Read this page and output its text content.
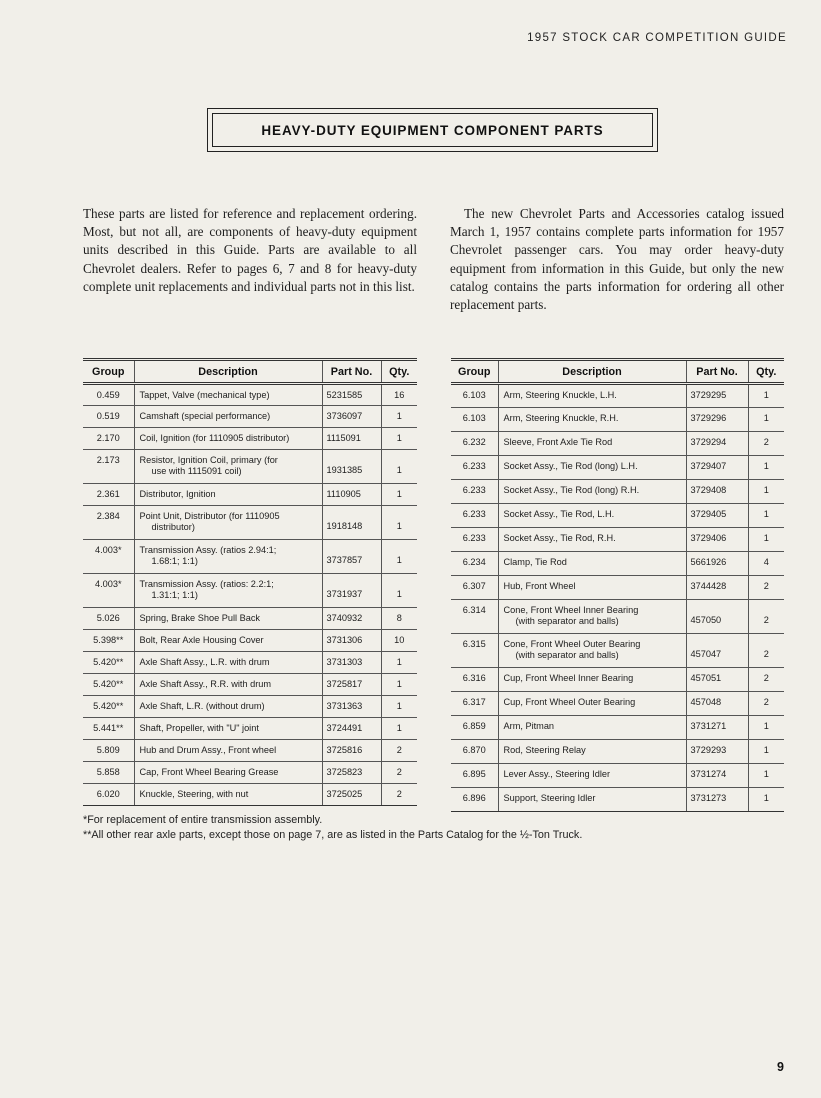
1957 STOCK CAR COMPETITION GUIDE
HEAVY-DUTY EQUIPMENT COMPONENT PARTS

These parts are listed for reference and replacement ordering. Most, but not all, are components of heavy-duty equipment units described in this Guide. Parts are available to all Chevrolet dealers. Refer to pages 6, 7 and 8 for heavy-duty complete unit replacements and individual parts not in this list.

The new Chevrolet Parts and Accessories catalog issued March 1, 1957 contains complete parts information for 1957 Chevrolet passenger cars. You may order heavy-duty equipment from information in this Guide, but only the new catalog contains the parts information for ordering all other replacement parts.

Group	Description	Part No.	Qty.
0.459	Tappet, Valve (mechanical type)	5231585	16
0.519	Camshaft (special performance)	3736097	1
2.170	Coil, Ignition (for 1110905 distributor)	1115091	1
2.173	Resistor, Ignition Coil, primary (for
use with 1115091 coil)	1931385	1
2.361	Distributor, Ignition	1110905	1
2.384	Point Unit, Distributor (for 1110905
distributor)	1918148	1
4.003*	Transmission Assy. (ratios 2.94:1;
1.68:1; 1:1)	3737857	1
4.003*	Transmission Assy. (ratios: 2.2:1;
1.31:1; 1:1)	3731937	1
5.026	Spring, Brake Shoe Pull Back	3740932	8
5.398**	Bolt, Rear Axle Housing Cover	3731306	10
5.420**	Axle Shaft Assy., L.R. with drum	3731303	1
5.420**	Axle Shaft Assy., R.R. with drum	3725817	1
5.420**	Axle Shaft, L.R. (without drum)	3731363	1
5.441**	Shaft, Propeller, with "U" joint	3724491	1
5.809	Hub and Drum Assy., Front wheel	3725816	2
5.858	Cap, Front Wheel Bearing Grease	3725823	2
6.020	Knuckle, Steering, with nut	3725025	2
Group	Description	Part No.	Qty.
6.103	Arm, Steering Knuckle, L.H.	3729295	1
6.103	Arm, Steering Knuckle, R.H.	3729296	1
6.232	Sleeve, Front Axle Tie Rod	3729294	2
6.233	Socket Assy., Tie Rod (long) L.H.	3729407	1
6.233	Socket Assy., Tie Rod (long) R.H.	3729408	1
6.233	Socket Assy., Tie Rod, L.H.	3729405	1
6.233	Socket Assy., Tie Rod, R.H.	3729406	1
6.234	Clamp, Tie Rod	5661926	4
6.307	Hub, Front Wheel	3744428	2
6.314	Cone, Front Wheel Inner Bearing
(with separator and balls)	457050	2
6.315	Cone, Front Wheel Outer Bearing
(with separator and balls)	457047	2
6.316	Cup, Front Wheel Inner Bearing	457051	2
6.317	Cup, Front Wheel Outer Bearing	457048	2
6.859	Arm, Pitman	3731271	1
6.870	Rod, Steering Relay	3729293	1
6.895	Lever Assy., Steering Idler	3731274	1
6.896	Support, Steering Idler	3731273	1
*For replacement of entire transmission assembly.
**All other rear axle parts, except those on page 7, are as listed in the Parts Catalog for the ½-Ton Truck.
9
